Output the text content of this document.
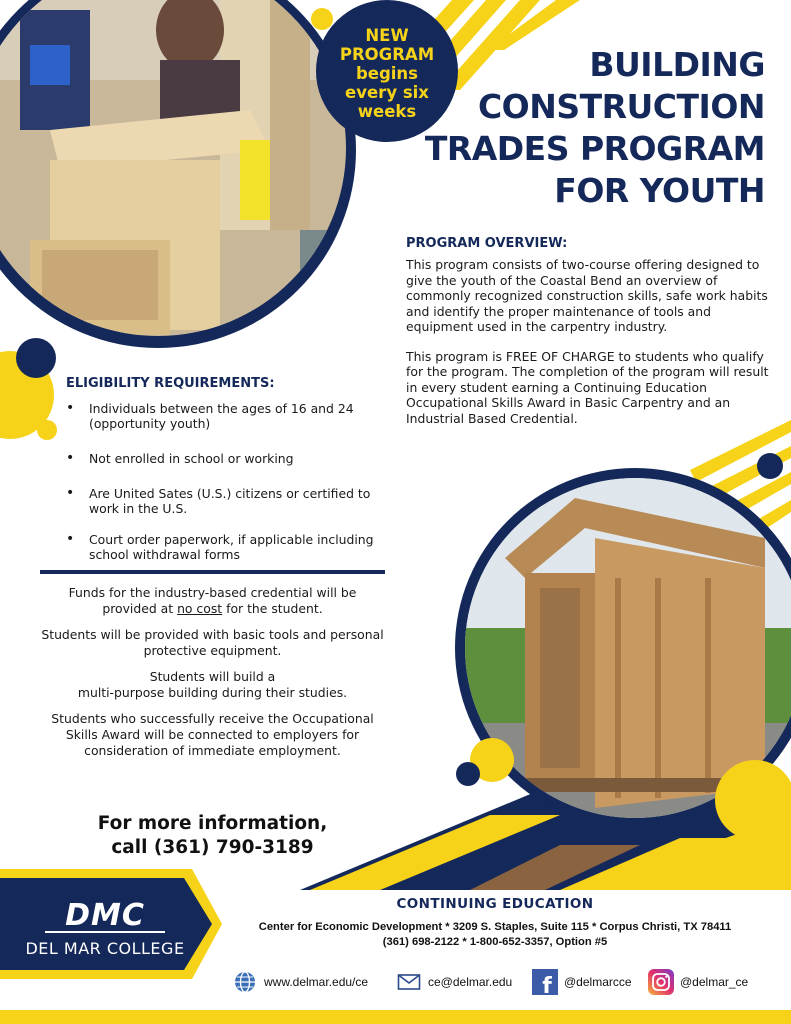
NEW
PROGRAM
begins
every six
weeks
BUILDING
CONSTRUCTION
TRADES PROGRAM
FOR YOUTH
PROGRAM OVERVIEW:

This program consists of two-course offering designed to give the youth of the Coastal Bend an overview of commonly recognized construction skills, safe work habits and identify the proper maintenance of tools and equipment used in the carpentry industry.

This program is FREE OF CHARGE to students who qualify for the program. The completion of the program will result in every student earning a Continuing Education Occupational Skills Award in Basic Carpentry and an Industrial Based Credential.

ELIGIBILITY REQUIREMENTS:
• Individuals between the ages of 16 and 24 (opportunity youth)
• Not enrolled in school or working
• Are United Sates (U.S.) citizens or certified to work in the U.S.
• Court order paperwork, if applicable including school withdrawal forms

Funds for the industry-based credential will be provided at no cost for the student.

Students will be provided with basic tools and personal protective equipment.

Students will build a
multi-purpose building during their studies.

Students who successfully receive the Occupational Skills Award will be connected to employers for consideration of immediate employment.

For more information,
call (361) 790-3189
DMC
DEL MAR COLLEGE
CONTINUING EDUCATION
Center for Economic Development * 3209 S. Staples, Suite 115 * Corpus Christi, TX 78411
(361) 698-2122 * 1-800-652-3357, Option #5
www.delmar.edu/ce	ce@delmar.edu f @delmarcce	@delmar_ce
